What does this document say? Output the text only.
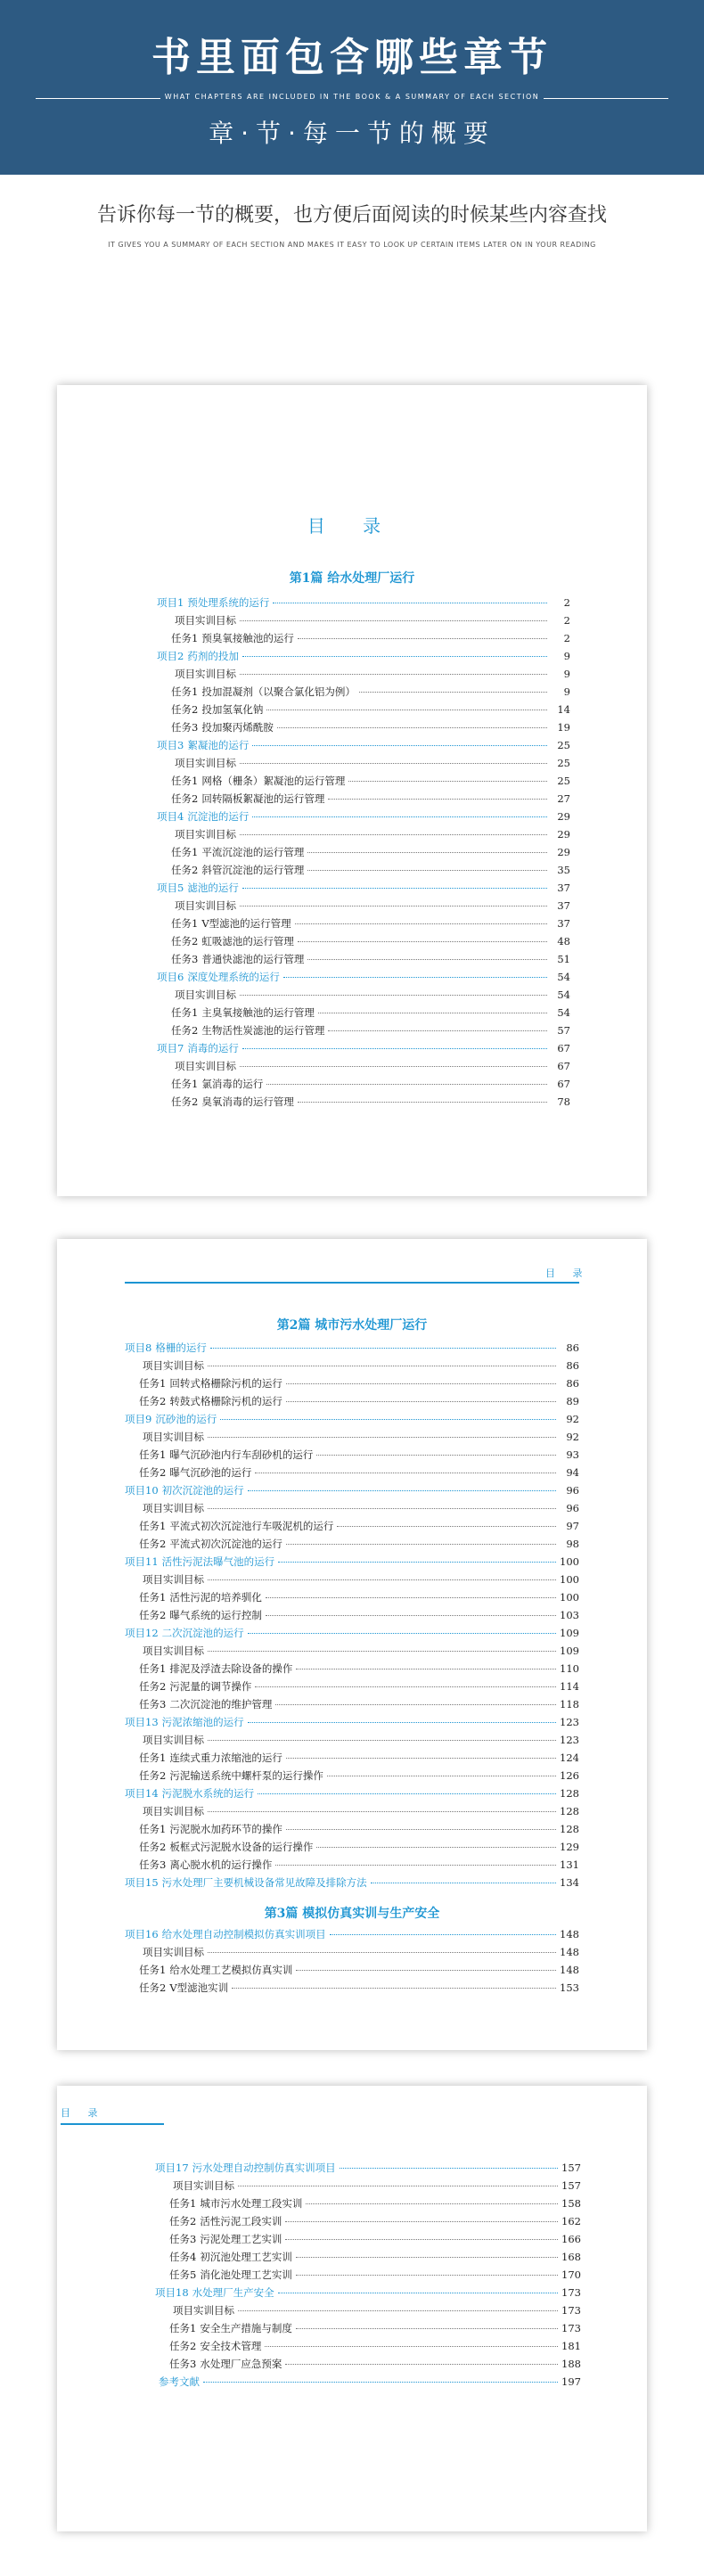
书里面包含哪些章节
WHAT CHAPTERS ARE INCLUDED IN THE BOOK & A SUMMARY OF EACH SECTION
章·节·每一节的概要
告诉你每一节的概要，也方便后面阅读的时候某些内容查找
IT GIVES YOU A SUMMARY OF EACH SECTION AND MAKES IT EASY TO LOOK UP CERTAIN ITEMS LATER ON IN YOUR READING
目 录
第1篇 给水处理厂运行
项目1 预处理系统的运行	2
项目实训目标	2
任务1 预臭氧接触池的运行	2
项目2 药剂的投加	9
项目实训目标	9
任务1 投加混凝剂（以聚合氯化铝为例）	9
任务2 投加氢氧化钠	14
任务3 投加聚丙烯酰胺	19
项目3 絮凝池的运行	25
项目实训目标	25
任务1 网格（栅条）絮凝池的运行管理	25
任务2 回转隔板絮凝池的运行管理	27
项目4 沉淀池的运行	29
项目实训目标	29
任务1 平流沉淀池的运行管理	29
任务2 斜管沉淀池的运行管理	35
项目5 滤池的运行	37
项目实训目标	37
任务1 V型滤池的运行管理	37
任务2 虹吸滤池的运行管理	48
任务3 普通快滤池的运行管理	51
项目6 深度处理系统的运行	54
项目实训目标	54
任务1 主臭氧接触池的运行管理	54
任务2 生物活性炭滤池的运行管理	57
项目7 消毒的运行	67
项目实训目标	67
任务1 氯消毒的运行	67
任务2 臭氧消毒的运行管理	78
目 录
第2篇 城市污水处理厂运行
项目8 格栅的运行	86
项目实训目标	86
任务1 回转式格栅除污机的运行	86
任务2 转鼓式格栅除污机的运行	89
项目9 沉砂池的运行	92
项目实训目标	92
任务1 曝气沉砂池内行车刮砂机的运行	93
任务2 曝气沉砂池的运行	94
项目10 初次沉淀池的运行	96
项目实训目标	96
任务1 平流式初次沉淀池行车吸泥机的运行	97
任务2 平流式初次沉淀池的运行	98
项目11 活性污泥法曝气池的运行	100
项目实训目标	100
任务1 活性污泥的培养驯化	100
任务2 曝气系统的运行控制	103
项目12 二次沉淀池的运行	109
项目实训目标	109
任务1 排泥及浮渣去除设备的操作	110
任务2 污泥量的调节操作	114
任务3 二次沉淀池的维护管理	118
项目13 污泥浓缩池的运行	123
项目实训目标	123
任务1 连续式重力浓缩池的运行	124
任务2 污泥输送系统中螺杆泵的运行操作	126
项目14 污泥脱水系统的运行	128
项目实训目标	128
任务1 污泥脱水加药环节的操作	128
任务2 板框式污泥脱水设备的运行操作	129
任务3 离心脱水机的运行操作	131
项目15 污水处理厂主要机械设备常见故障及排除方法	134
第3篇 模拟仿真实训与生产安全
项目16 给水处理自动控制模拟仿真实训项目	148
项目实训目标	148
任务1 给水处理工艺模拟仿真实训	148
任务2 V型滤池实训	153
目 录
项目17 污水处理自动控制仿真实训项目	157
项目实训目标	157
任务1 城市污水处理工段实训	158
任务2 活性污泥工段实训	162
任务3 污泥处理工艺实训	166
任务4 初沉池处理工艺实训	168
任务5 消化池处理工艺实训	170
项目18 水处理厂生产安全	173
项目实训目标	173
任务1 安全生产措施与制度	173
任务2 安全技术管理	181
任务3 水处理厂应急预案	188
参考文献	197
